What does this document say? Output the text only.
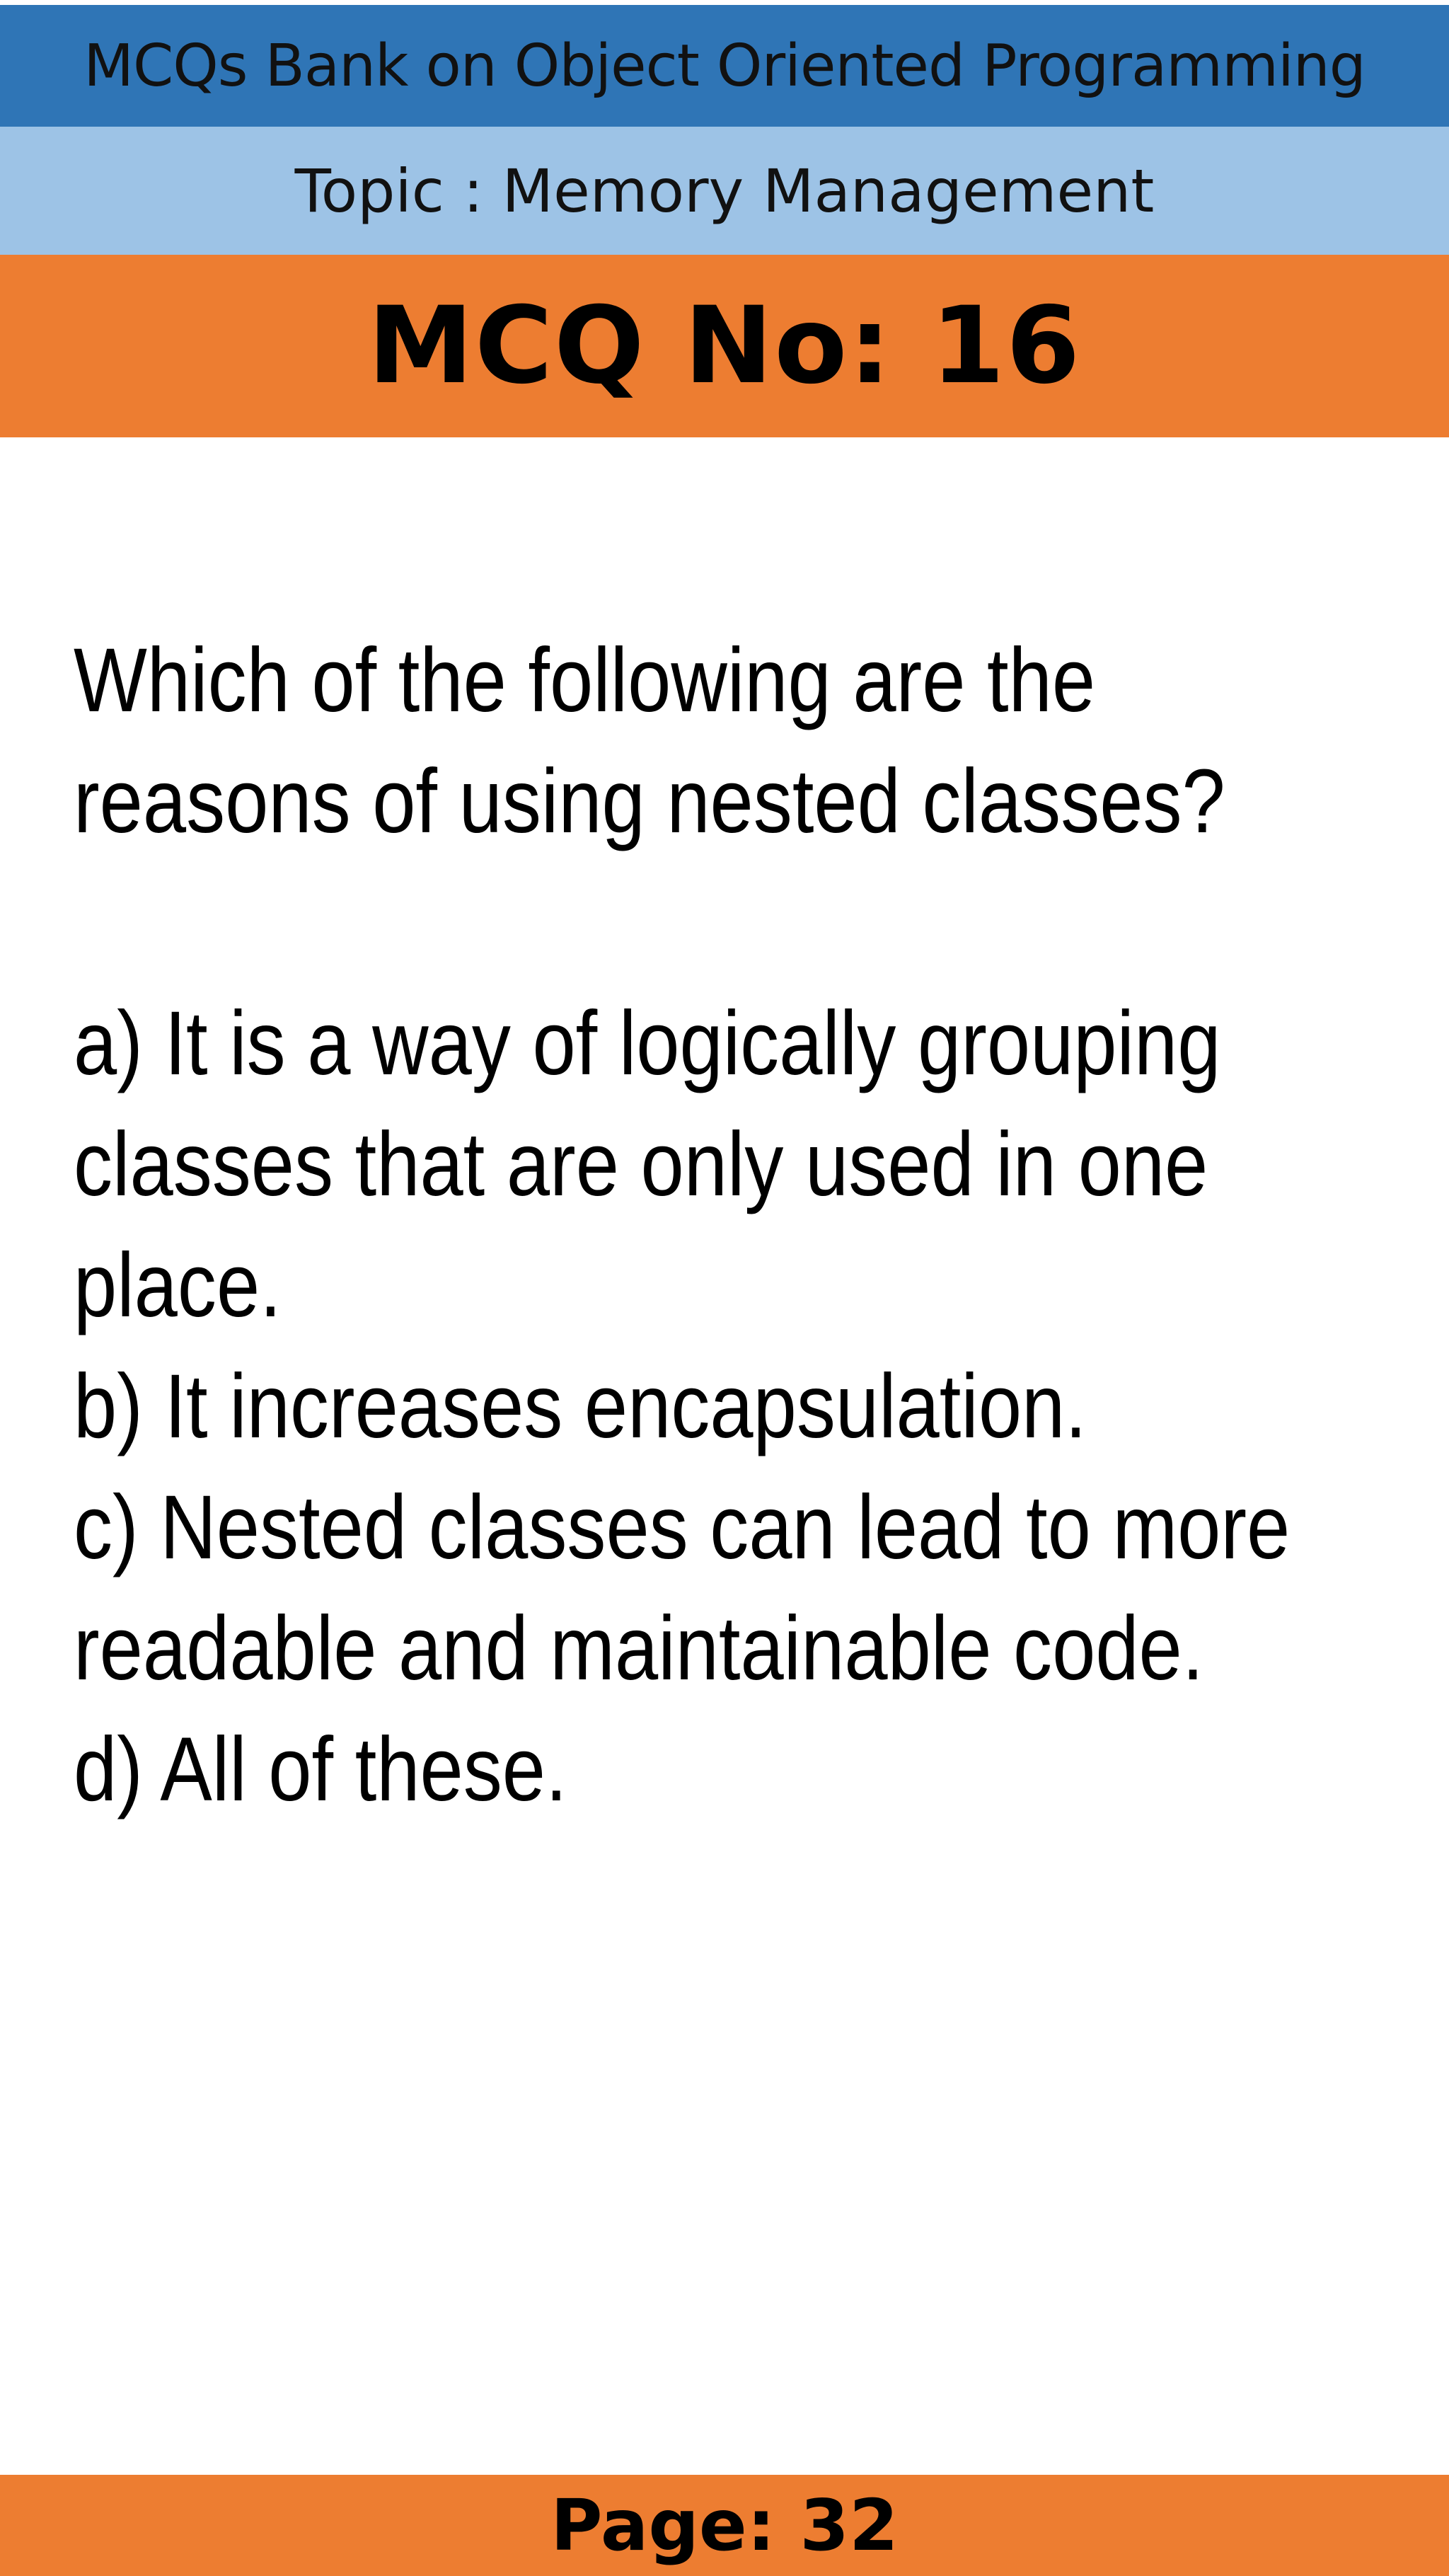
MCQs Bank on Object Oriented Programming
Topic : Memory Management
MCQ No: 16
Which of the following are the
reasons of using nested classes?
a) It is a way of logically grouping
classes that are only used in one
place.
b) It increases encapsulation.
c) Nested classes can lead to more
readable and maintainable code.
d) All of these.
Page: 32
